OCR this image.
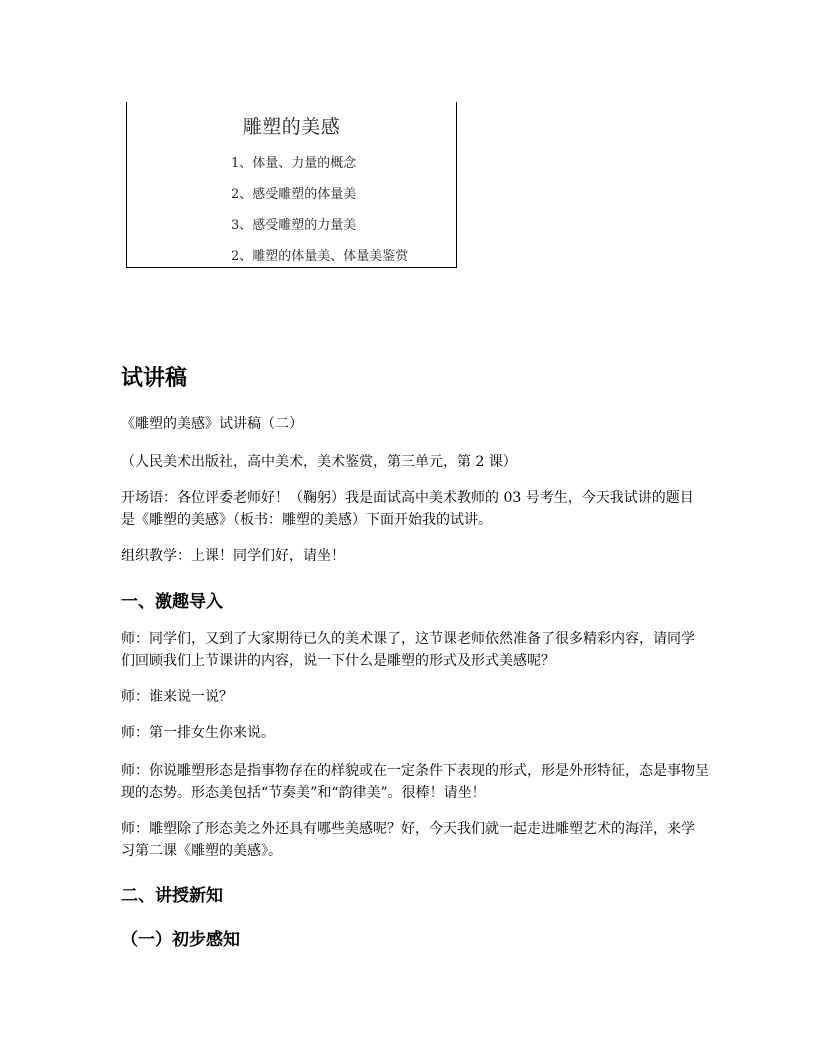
雕塑的美感
1、体量、力量的概念
2、感受雕塑的体量美
3、感受雕塑的力量美
2、雕塑的体量美、体量美鉴赏
试讲稿

《雕塑的美感》试讲稿（二）

（人民美术出版社，高中美术，美术鉴赏，第三单元，第 2 课）

开场语：各位评委老师好！（鞠躬）我是面试高中美术教师的 03 号考生，今天我试讲的题目是《雕塑的美感》（板书：雕塑的美感）下面开始我的试讲。

组织教学：上课！同学们好，请坐！

一、激趣导入

师：同学们，又到了大家期待已久的美术课了，这节课老师依然准备了很多精彩内容，请同学们回顾我们上节课讲的内容，说一下什么是雕塑的形式及形式美感呢？

师：谁来说一说？

师：第一排女生你来说。

师：你说雕塑形态是指事物存在的样貌或在一定条件下表现的形式，形是外形特征，态是事物呈现的态势。形态美包括“节奏美”和“韵律美”。很棒！请坐！

师：雕塑除了形态美之外还具有哪些美感呢？好，今天我们就一起走进雕塑艺术的海洋，来学习第二课《雕塑的美感》。

二、讲授新知
（一）初步感知
